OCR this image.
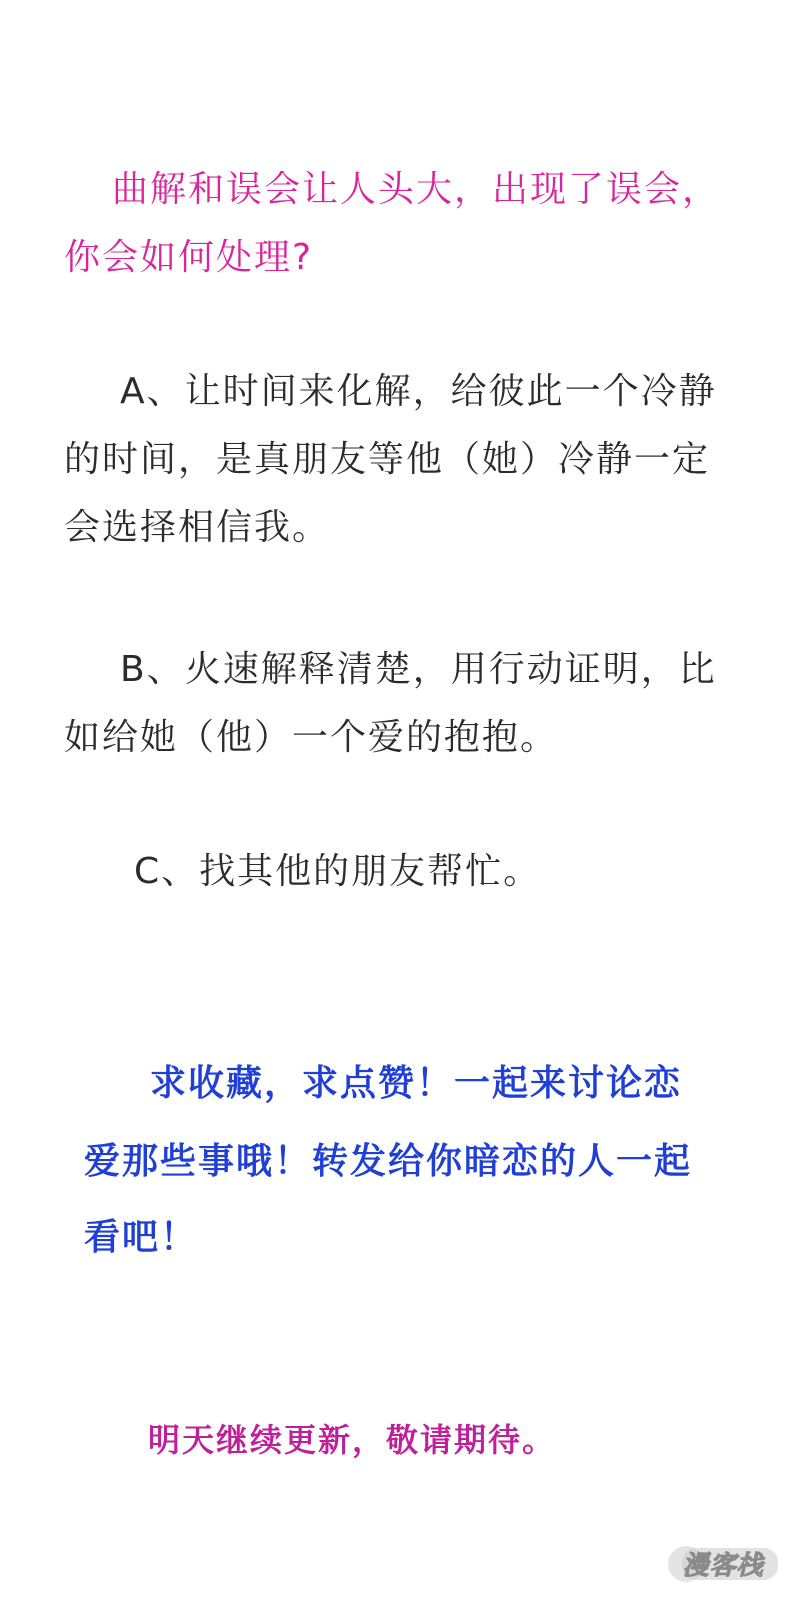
曲解和误会让人头大，出现了误会，
你会如何处理?
A、让时间来化解，给彼此一个冷静
的时间，是真朋友等他（她）冷静一定
会选择相信我。
B、火速解释清楚，用行动证明，比
如给她（他）一个爱的抱抱。
C、找其他的朋友帮忙。
求收藏，求点赞！一起来讨论恋
爱那些事哦！转发给你暗恋的人一起
看吧！
明天继续更新，敬请期待。
漫客栈
